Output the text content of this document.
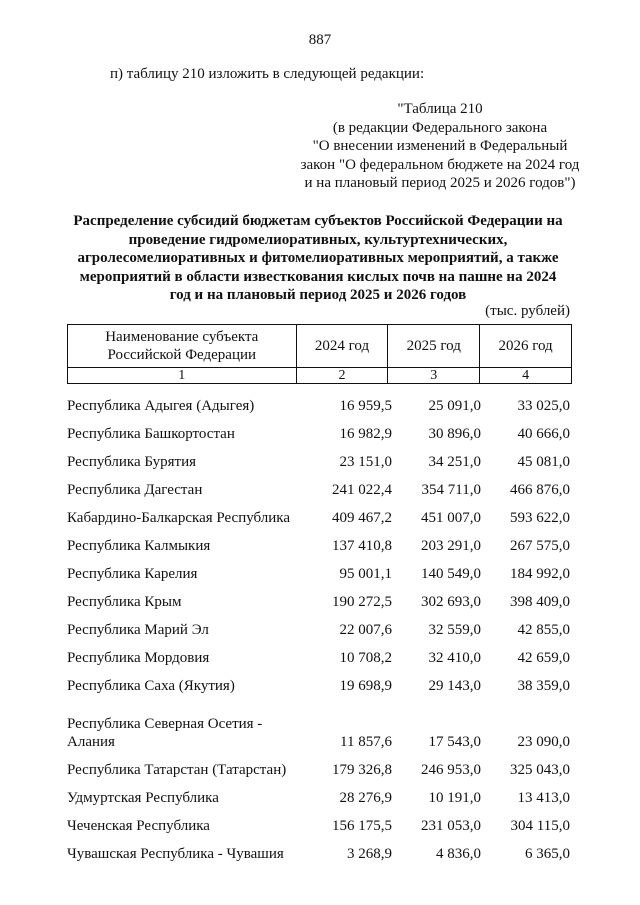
887
п) таблицу 210 изложить в следующей редакции:
"Таблица 210
(в редакции Федерального закона
"О внесении изменений в Федеральный
закон "О федеральном бюджете на 2024 год
и на плановый период 2025 и 2026 годов")
Распределение субсидий бюджетам субъектов Российской Федерации на
проведение гидромелиоративных, культуртехнических,
агролесомелиоративных и фитомелиоративных мероприятий, а также
мероприятий в области известкования кислых почв на пашне на 2024
год и на плановый период 2025 и 2026 годов
(тыс. рублей)
Наименование субъекта
Российской Федерации	2024 год	2025 год	2026 год
1	2	3	4
Республика Адыгея (Адыгея)	16 959,5	25 091,0	33 025,0
Республика Башкортостан	16 982,9	30 896,0	40 666,0
Республика Бурятия	23 151,0	34 251,0	45 081,0
Республика Дагестан	241 022,4	354 711,0	466 876,0
Кабардино-Балкарская Республика	409 467,2	451 007,0	593 622,0
Республика Калмыкия	137 410,8	203 291,0	267 575,0
Республика Карелия	95 001,1	140 549,0	184 992,0
Республика Крым	190 272,5	302 693,0	398 409,0
Республика Марий Эл	22 007,6	32 559,0	42 855,0
Республика Мордовия	10 708,2	32 410,0	42 659,0
Республика Саха (Якутия)	19 698,9	29 143,0	38 359,0
Республика Северная Осетия -
Алания	11 857,6	17 543,0	23 090,0
Республика Татарстан (Татарстан)	179 326,8	246 953,0	325 043,0
Удмуртская Республика	28 276,9	10 191,0	13 413,0
Чеченская Республика	156 175,5	231 053,0	304 115,0
Чувашская Республика - Чувашия	3 268,9	4 836,0	6 365,0
